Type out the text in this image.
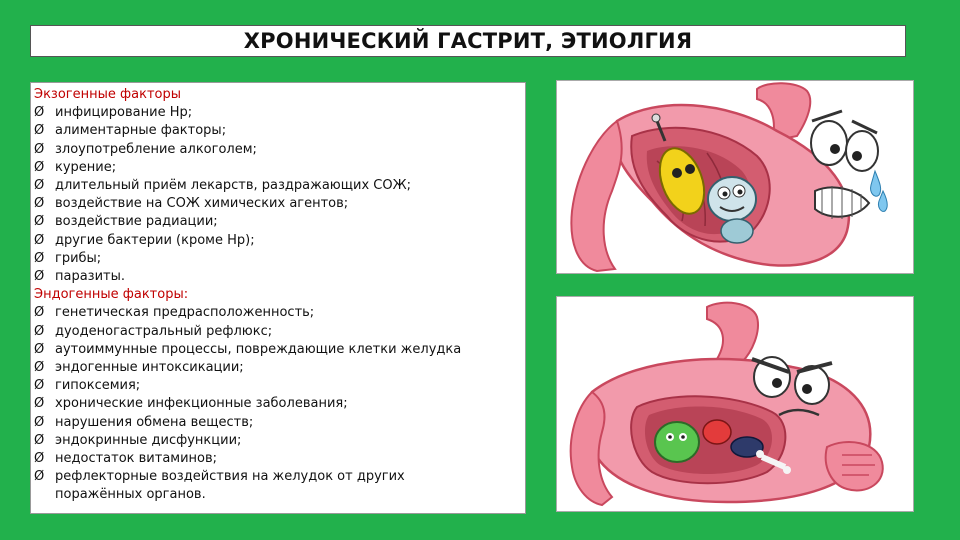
ХРОНИЧЕСКИЙ ГАСТРИТ, ЭТИОЛГИЯ
Экзогенные факторы
Ø инфицирование Нр;
Ø алиментарные факторы;
Ø злоупотребление алкоголем;
Ø курение;
Ø длительный приём лекарств, раздражающих СОЖ;
Ø воздействие на СОЖ химических агентов;
Ø воздействие радиации;
Ø другие бактерии (кроме Нр);
Ø грибы;
Ø паразиты.
Эндогенные факторы:
Ø генетическая предрасположенность;
Ø дуоденогастральный рефлюкс;
Ø аутоиммунные процессы, повреждающие клетки желудка
Ø эндогенные интоксикации;
Ø гипоксемия;
Ø хронические инфекционные заболевания;
Ø нарушения обмена веществ;
Ø эндокринные дисфункции;
Ø недостаток витаминов;
Ø рефлекторные воздействия на желудок от других
поражённых органов.
